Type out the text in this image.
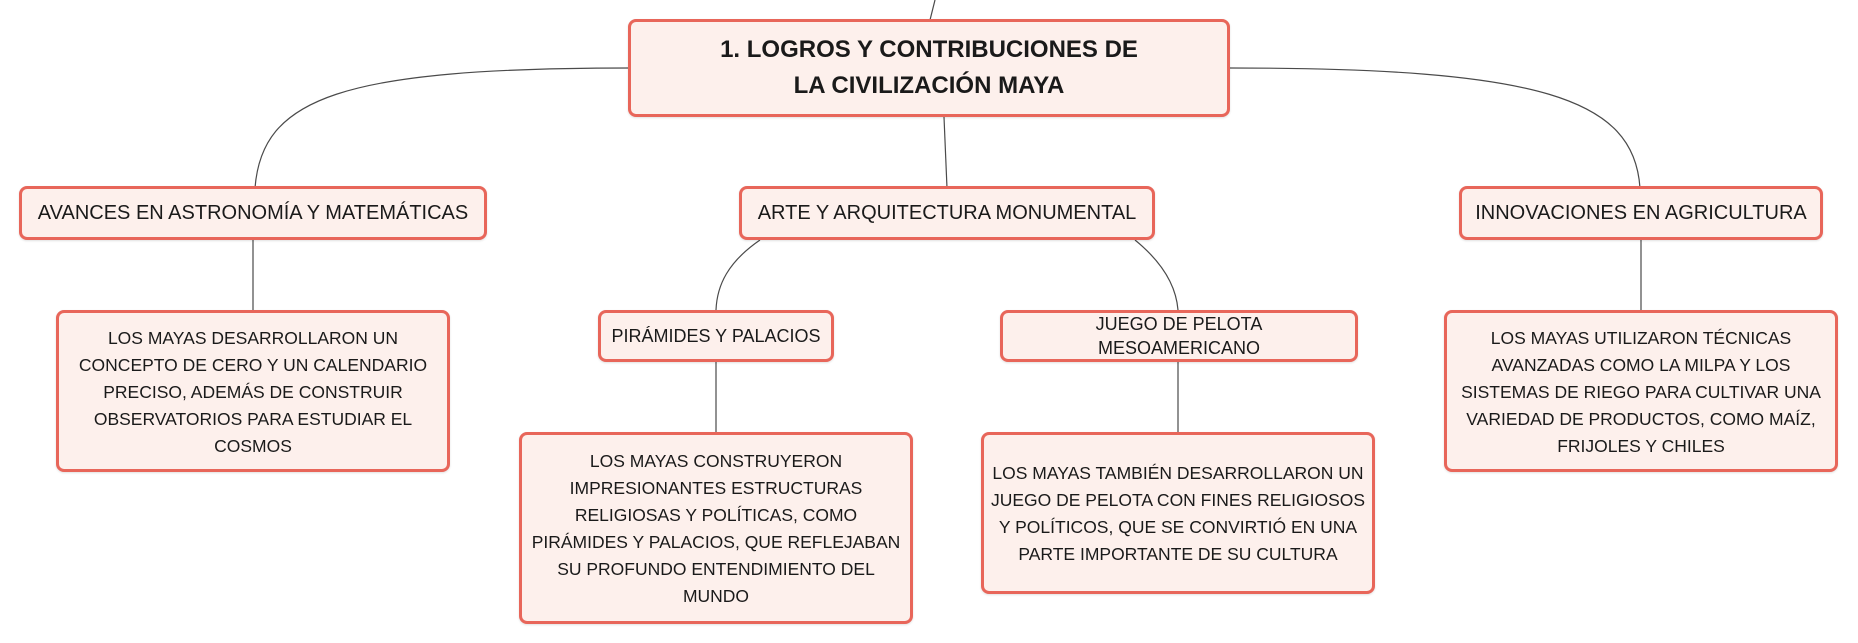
1. LOGROS Y CONTRIBUCIONES DE LA CIVILIZACIÓN MAYA
AVANCES EN ASTRONOMÍA Y MATEMÁTICAS	ARTE Y ARQUITECTURA MONUMENTAL	INNOVACIONES EN AGRICULTURA
LOS MAYAS DESARROLLARON UN CONCEPTO DE CERO Y UN CALENDARIO PRECISO, ADEMÁS DE CONSTRUIR OBSERVATORIOS PARA ESTUDIAR EL COSMOS
PIRÁMIDES Y PALACIOS
JUEGO DE PELOTA MESOAMERICANO
LOS MAYAS CONSTRUYERON IMPRESIONANTES ESTRUCTURAS RELIGIOSAS Y POLÍTICAS, COMO PIRÁMIDES Y PALACIOS, QUE REFLEJABAN SU PROFUNDO ENTENDIMIENTO DEL MUNDO
LOS MAYAS TAMBIÉN DESARROLLARON UN JUEGO DE PELOTA CON FINES RELIGIOSOS Y POLÍTICOS, QUE SE CONVIRTIÓ EN UNA PARTE IMPORTANTE DE SU CULTURA
LOS MAYAS UTILIZARON TÉCNICAS AVANZADAS COMO LA MILPA Y LOS SISTEMAS DE RIEGO PARA CULTIVAR UNA VARIEDAD DE PRODUCTOS, COMO MAÍZ, FRIJOLES Y CHILES
